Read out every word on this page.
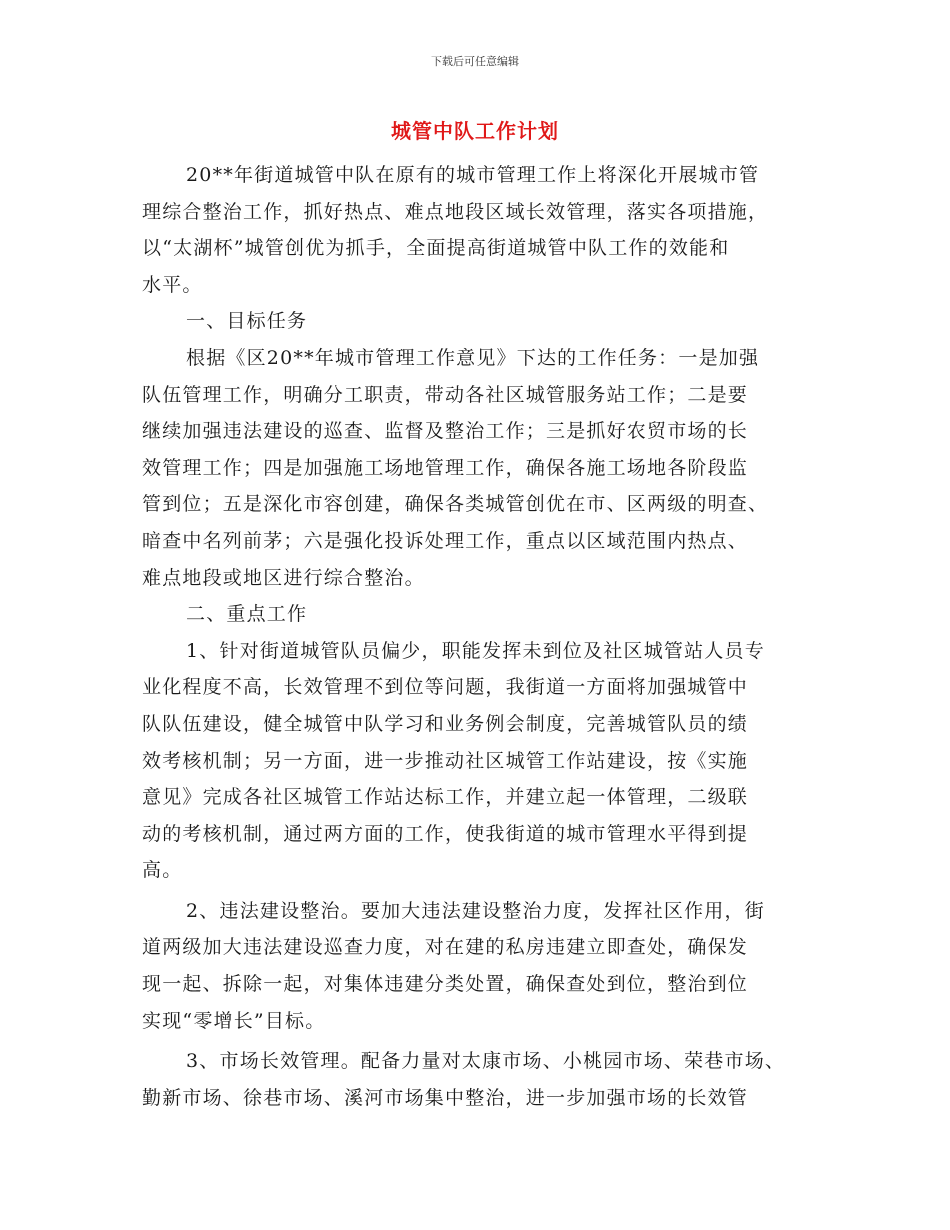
下载后可任意编辑
城管中队工作计划
20**年街道城管中队在原有的城市管理工作上将深化开展城市管
理综合整治工作，抓好热点、难点地段区域长效管理，落实各项措施，
以“太湖杯”城管创优为抓手，全面提高街道城管中队工作的效能和
水平。
一、目标任务
根据《区20**年城市管理工作意见》下达的工作任务：一是加强
队伍管理工作，明确分工职责，带动各社区城管服务站工作；二是要
继续加强违法建设的巡查、监督及整治工作；三是抓好农贸市场的长
效管理工作；四是加强施工场地管理工作，确保各施工场地各阶段监
管到位；五是深化市容创建，确保各类城管创优在市、区两级的明查、
暗查中名列前茅；六是强化投诉处理工作，重点以区域范围内热点、
难点地段或地区进行综合整治。
二、重点工作
1、针对街道城管队员偏少，职能发挥未到位及社区城管站人员专
业化程度不高，长效管理不到位等问题，我街道一方面将加强城管中
队队伍建设，健全城管中队学习和业务例会制度，完善城管队员的绩
效考核机制；另一方面，进一步推动社区城管工作站建设，按《实施
意见》完成各社区城管工作站达标工作，并建立起一体管理，二级联
动的考核机制，通过两方面的工作，使我街道的城市管理水平得到提
高。
2、违法建设整治。要加大违法建设整治力度，发挥社区作用，街
道两级加大违法建设巡查力度，对在建的私房违建立即查处，确保发
现一起、拆除一起，对集体违建分类处置，确保查处到位，整治到位
实现“零增长”目标。
3、市场长效管理。配备力量对太康市场、小桃园市场、荣巷市场、
勤新市场、徐巷市场、溪河市场集中整治，进一步加强市场的长效管
